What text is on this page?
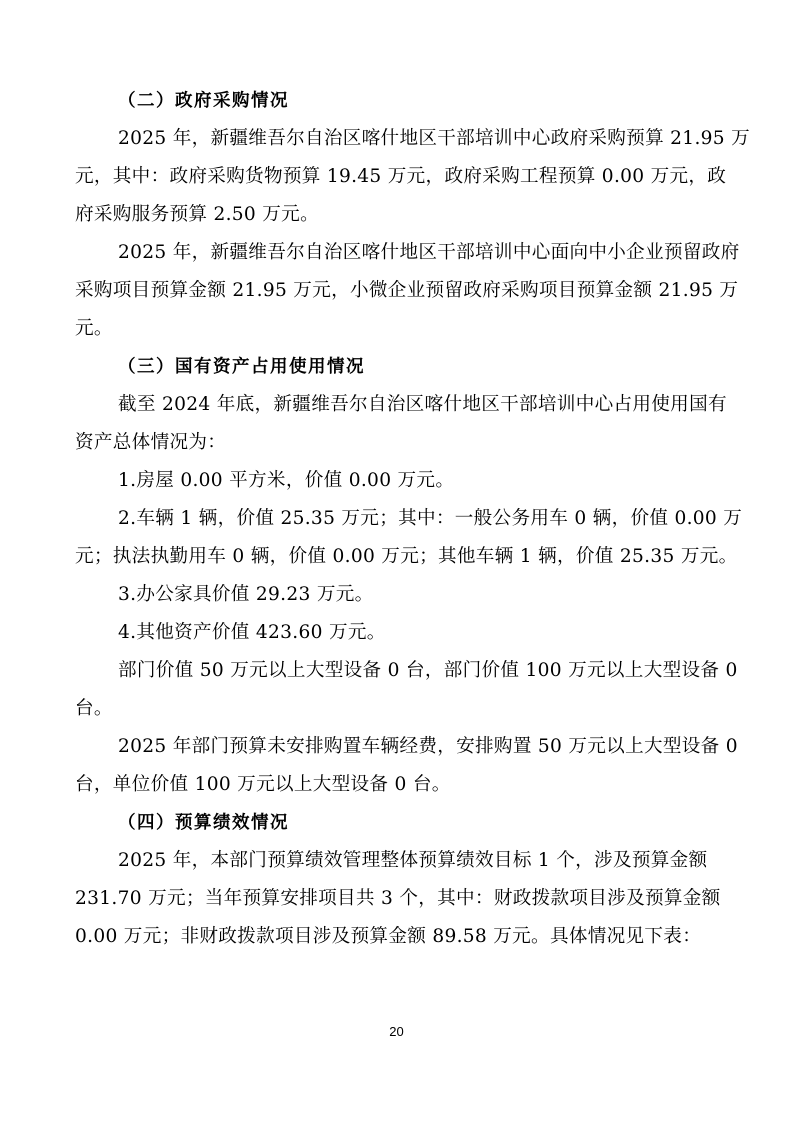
（二）政府采购情况
2025 年，新疆维吾尔自治区喀什地区干部培训中心政府采购预算 21.95 万
元，其中：政府采购货物预算 19.45 万元，政府采购工程预算 0.00 万元，政
府采购服务预算 2.50 万元。
2025 年，新疆维吾尔自治区喀什地区干部培训中心面向中小企业预留政府
采购项目预算金额 21.95 万元，小微企业预留政府采购项目预算金额 21.95 万
元。
（三）国有资产占用使用情况
截至 2024 年底，新疆维吾尔自治区喀什地区干部培训中心占用使用国有
资产总体情况为：
1.房屋 0.00 平方米，价值 0.00 万元。
2.车辆 1 辆，价值 25.35 万元；其中：一般公务用车 0 辆，价值 0.00 万
元；执法执勤用车 0 辆，价值 0.00 万元；其他车辆 1 辆，价值 25.35 万元。
3.办公家具价值 29.23 万元。
4.其他资产价值 423.60 万元。
部门价值 50 万元以上大型设备 0 台，部门价值 100 万元以上大型设备 0
台。
2025 年部门预算未安排购置车辆经费，安排购置 50 万元以上大型设备 0
台，单位价值 100 万元以上大型设备 0 台。
（四）预算绩效情况
2025 年，本部门预算绩效管理整体预算绩效目标 1 个，涉及预算金额
231.70 万元；当年预算安排项目共 3 个，其中：财政拨款项目涉及预算金额
0.00 万元；非财政拨款项目涉及预算金额 89.58 万元。具体情况见下表：
20
